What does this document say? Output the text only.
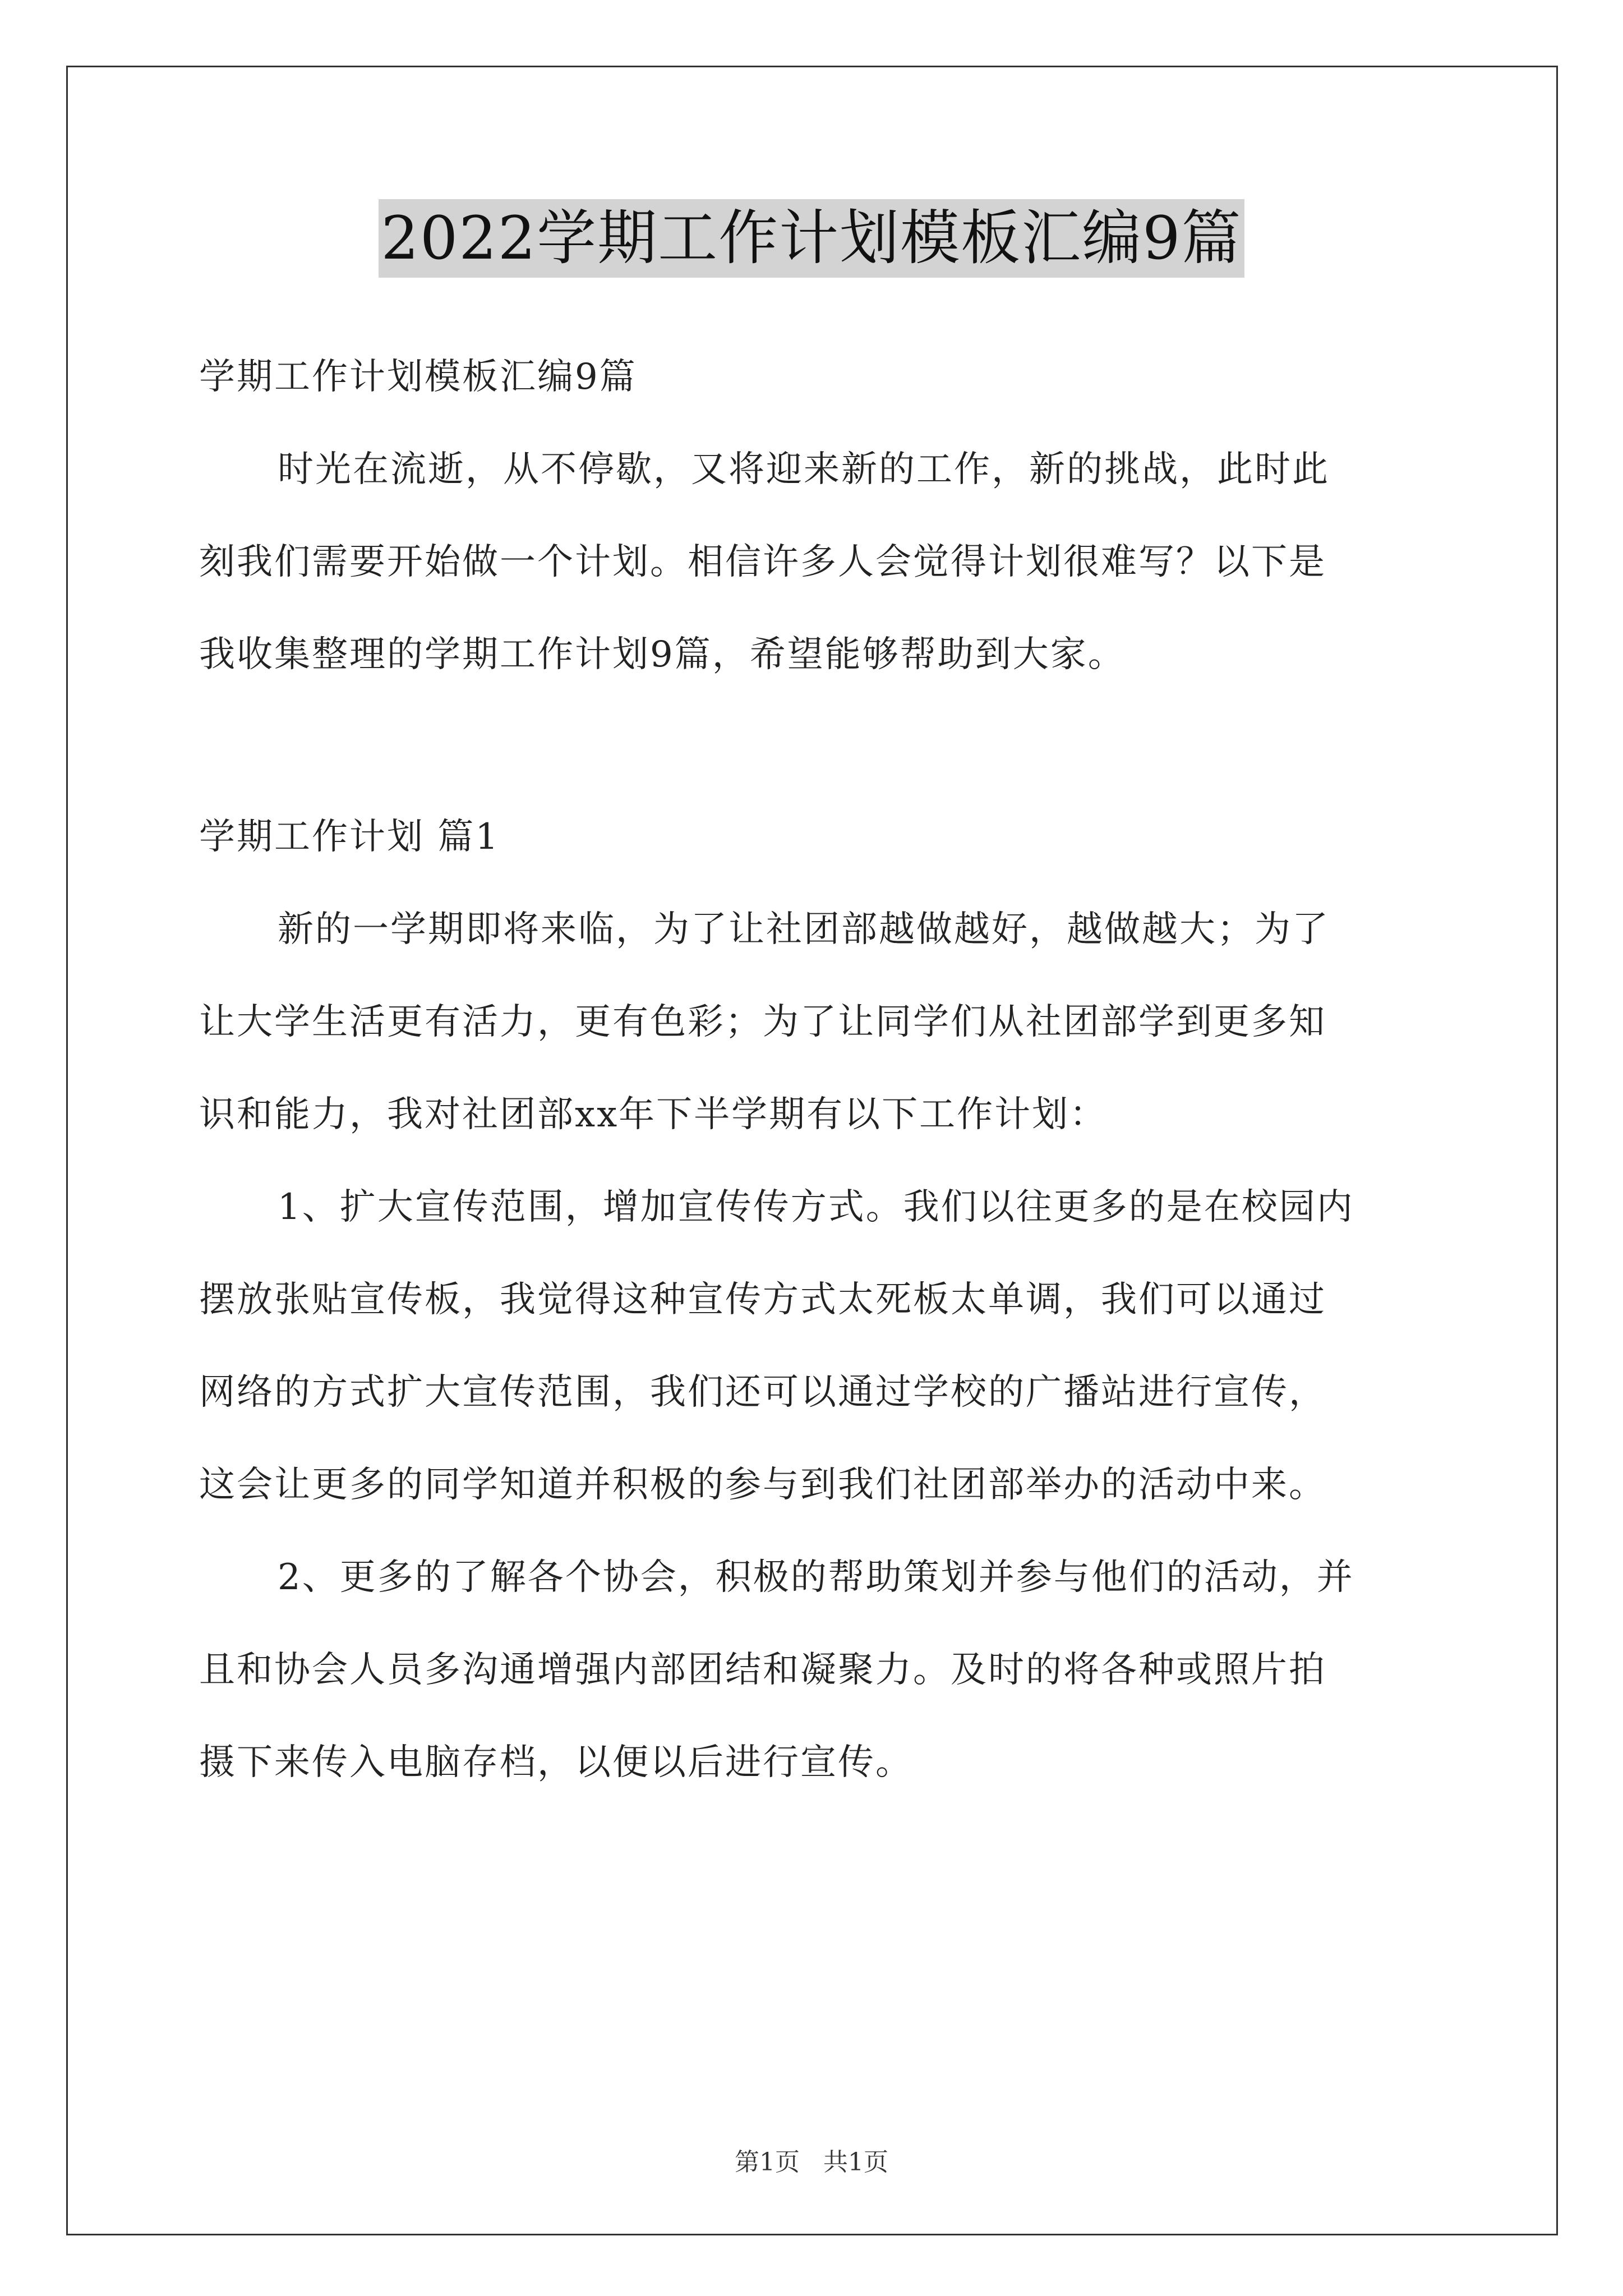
2022学期工作计划模板汇编9篇

学期工作计划模板汇编9篇

时光在流逝，从不停歇，又将迎来新的工作，新的挑战，此时此

刻我们需要开始做一个计划。相信许多人会觉得计划很难写？以下是

我收集整理的学期工作计划9篇，希望能够帮助到大家。

学期工作计划 篇1

新的一学期即将来临，为了让社团部越做越好，越做越大；为了

让大学生活更有活力，更有色彩；为了让同学们从社团部学到更多知

识和能力，我对社团部xx年下半学期有以下工作计划：

1、扩大宣传范围，增加宣传传方式。我们以往更多的是在校园内

摆放张贴宣传板，我觉得这种宣传方式太死板太单调，我们可以通过

网络的方式扩大宣传范围，我们还可以通过学校的广播站进行宣传，

这会让更多的同学知道并积极的参与到我们社团部举办的活动中来。

2、更多的了解各个协会，积极的帮助策划并参与他们的活动，并

且和协会人员多沟通增强内部团结和凝聚力。及时的将各种或照片拍

摄下来传入电脑存档，以便以后进行宣传。

第1页 共1页
